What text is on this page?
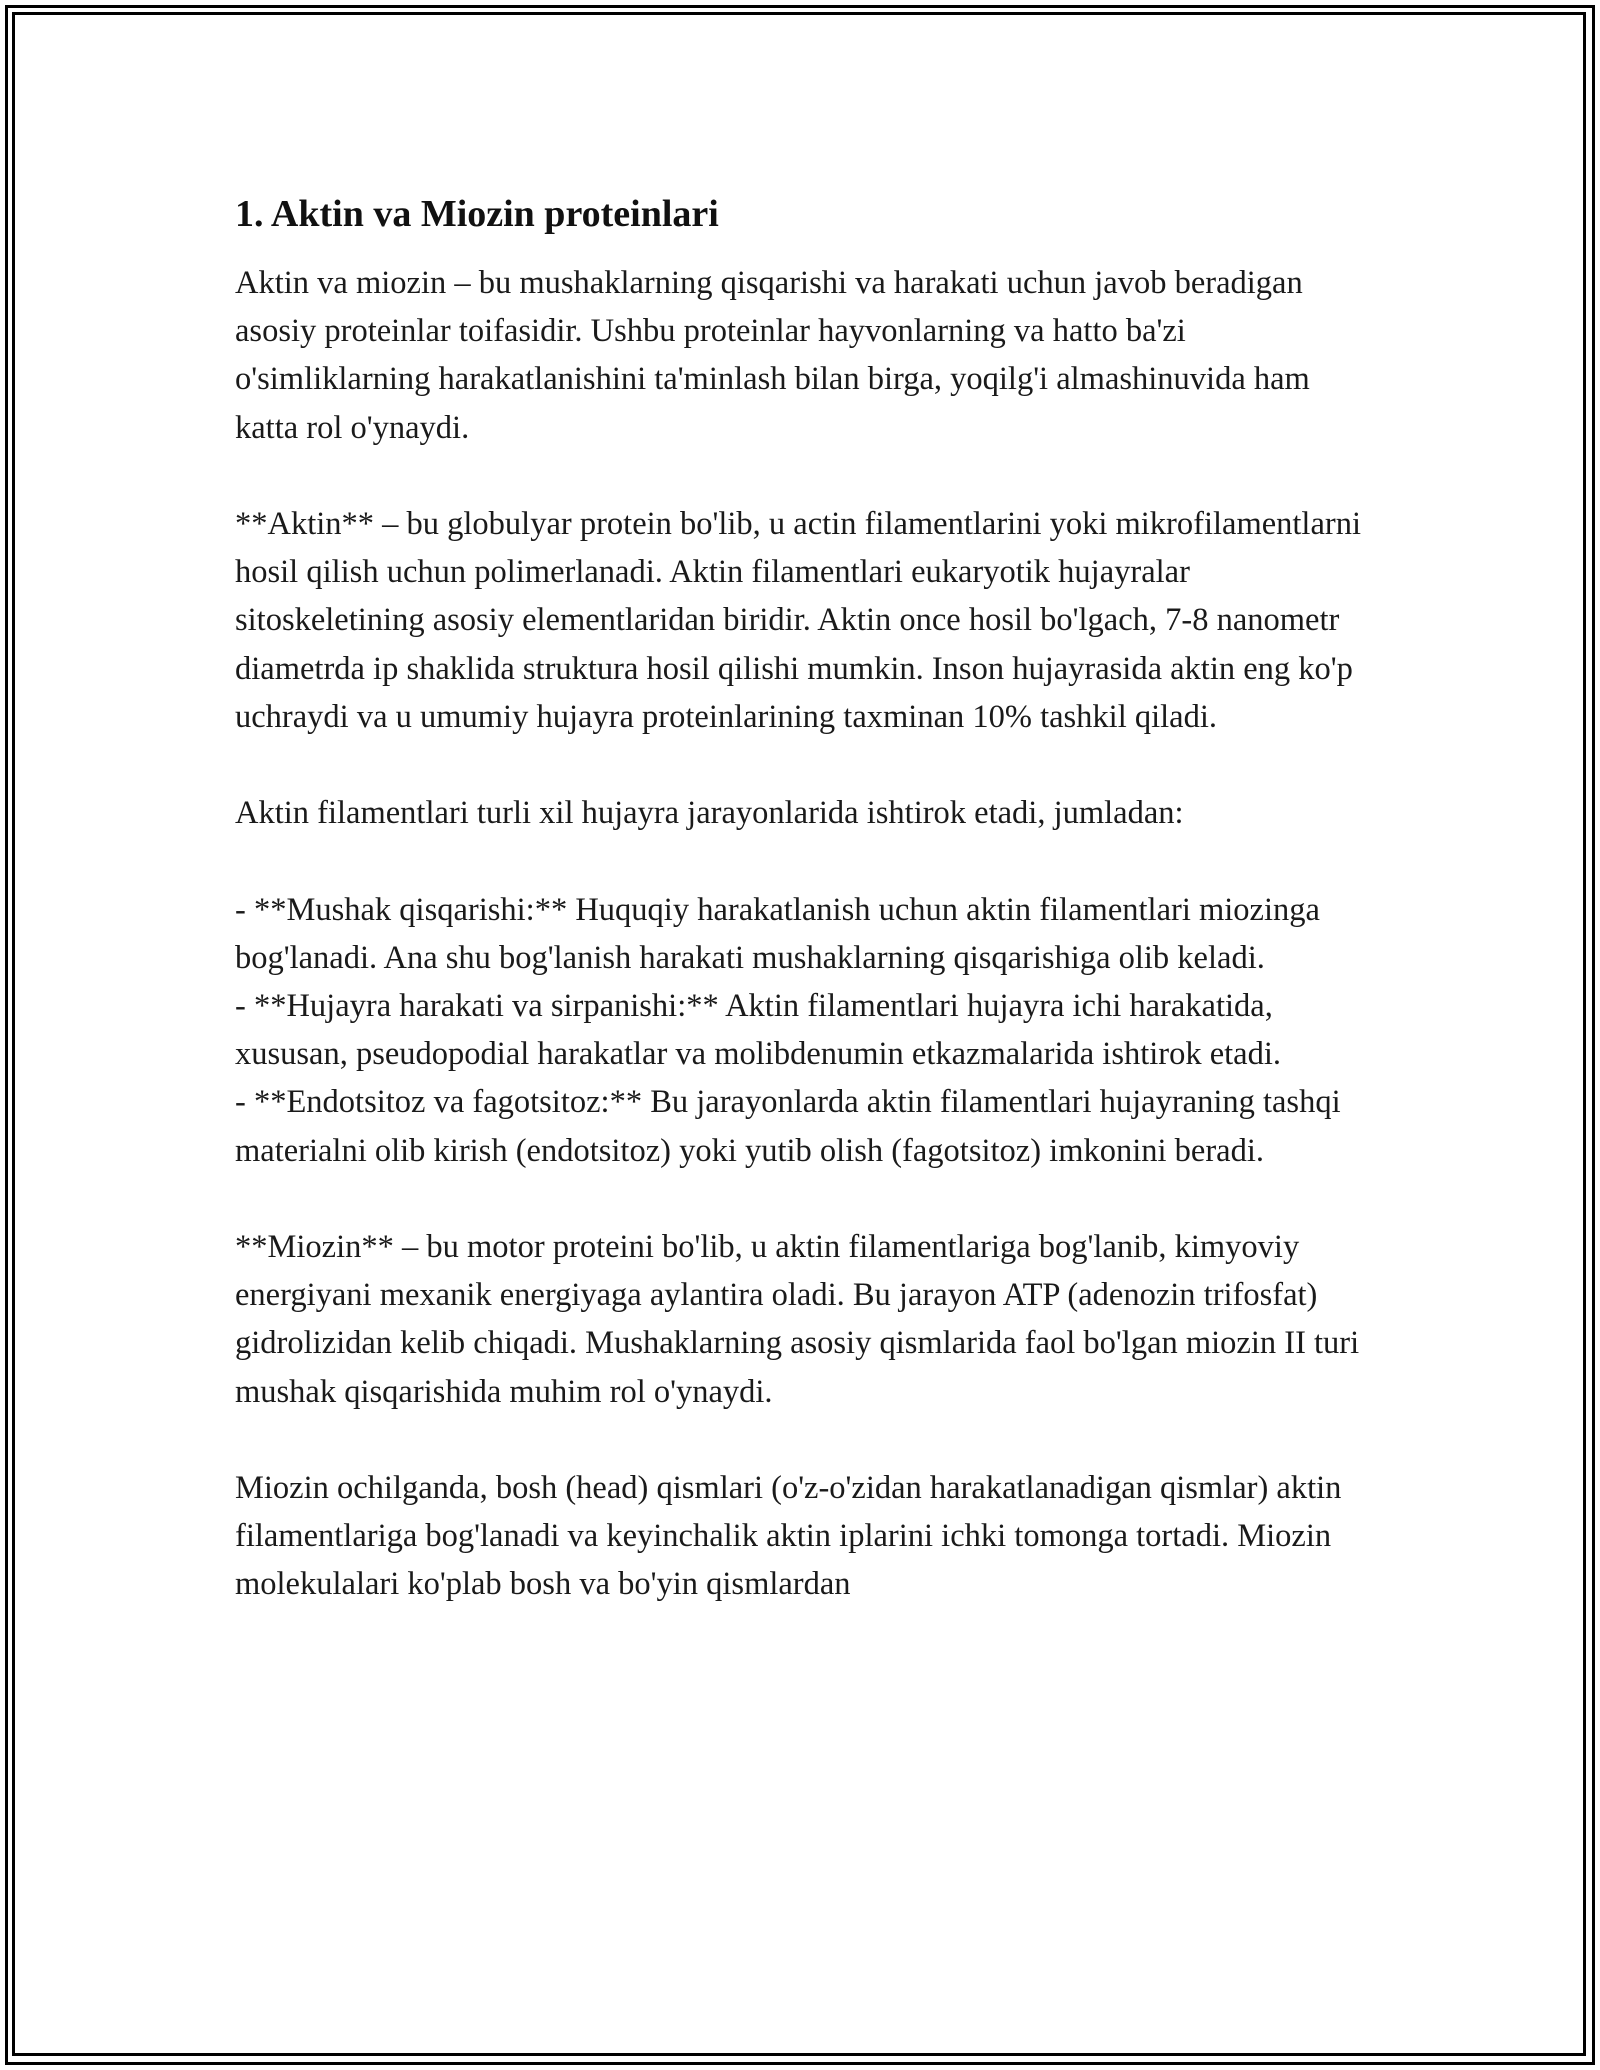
1. Aktin va Miozin proteinlari

Aktin va miozin – bu mushaklarning qisqarishi va harakati uchun javob beradigan asosiy proteinlar toifasidir. Ushbu proteinlar hayvonlarning va hatto ba'zi o'simliklarning harakatlanishini ta'minlash bilan birga, yoqilg'i almashinuvida ham katta rol o'ynaydi.

**Aktin** – bu globulyar protein bo'lib, u actin filamentlarini yoki mikrofilamentlarni hosil qilish uchun polimerlanadi. Aktin filamentlari eukaryotik hujayralar sitoskeletining asosiy elementlaridan biridir. Aktin once hosil bo'lgach, 7-8 nanometr diametrda ip shaklida struktura hosil qilishi mumkin. Inson hujayrasida aktin eng ko'p uchraydi va u umumiy hujayra proteinlarining taxminan 10% tashkil qiladi.

Aktin filamentlari turli xil hujayra jarayonlarida ishtirok etadi, jumladan:

- **Mushak qisqarishi:** Huquqiy harakatlanish uchun aktin filamentlari miozinga bog'lanadi. Ana shu bog'lanish harakati mushaklarning qisqarishiga olib keladi.
- **Hujayra harakati va sirpanishi:** Aktin filamentlari hujayra ichi harakatida, xususan, pseudopodial harakatlar va molibdenumin etkazmalarida ishtirok etadi.
- **Endotsitoz va fagotsitoz:** Bu jarayonlarda aktin filamentlari hujayraning tashqi materialni olib kirish (endotsitoz) yoki yutib olish (fagotsitoz) imkonini beradi.

**Miozin** – bu motor proteini bo'lib, u aktin filamentlariga bog'lanib, kimyoviy energiyani mexanik energiyaga aylantira oladi. Bu jarayon ATP (adenozin trifosfat) gidrolizidan kelib chiqadi. Mushaklarning asosiy qismlarida faol bo'lgan miozin II turi mushak qisqarishida muhim rol o'ynaydi.

Miozin ochilganda, bosh (head) qismlari (o'z-o'zidan harakatlanadigan qismlar) aktin filamentlariga bog'lanadi va keyinchalik aktin iplarini ichki tomonga tortadi. Miozin molekulalari ko'plab bosh va bo'yin qismlardan
